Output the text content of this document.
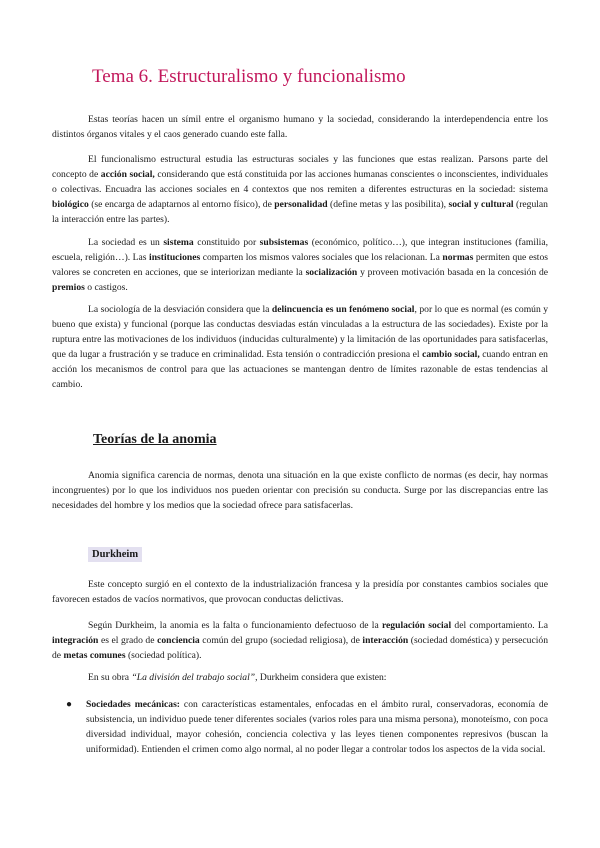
Tema 6. Estructuralismo y funcionalismo

Estas teorías hacen un símil entre el organismo humano y la sociedad, considerando la interdependencia entre los distintos órganos vitales y el caos generado cuando este falla.

El funcionalismo estructural estudia las estructuras sociales y las funciones que estas realizan. Parsons parte del concepto de acción social, considerando que está constituida por las acciones humanas conscientes o inconscientes, individuales o colectivas. Encuadra las acciones sociales en 4 contextos que nos remiten a diferentes estructuras en la sociedad: sistema biológico (se encarga de adaptarnos al entorno físico), de personalidad (define metas y las posibilita), social y cultural (regulan la interacción entre las partes).

La sociedad es un sistema constituido por subsistemas (económico, político…), que integran instituciones (familia, escuela, religión…). Las instituciones comparten los mismos valores sociales que los relacionan. La normas permiten que estos valores se concreten en acciones, que se interiorizan mediante la socialización y proveen motivación basada en la concesión de premios o castigos.

La sociología de la desviación considera que la delincuencia es un fenómeno social, por lo que es normal (es común y bueno que exista) y funcional (porque las conductas desviadas están vinculadas a la estructura de las sociedades). Existe por la ruptura entre las motivaciones de los individuos (inducidas culturalmente) y la limitación de las oportunidades para satisfacerlas, que da lugar a frustración y se traduce en criminalidad. Esta tensión o contradicción presiona el cambio social, cuando entran en acción los mecanismos de control para que las actuaciones se mantengan dentro de límites razonable de estas tendencias al cambio.

Teorías de la anomia

Anomia significa carencia de normas, denota una situación en la que existe conflicto de normas (es decir, hay normas incongruentes) por lo que los individuos nos pueden orientar con precisión su conducta. Surge por las discrepancias entre las necesidades del hombre y los medios que la sociedad ofrece para satisfacerlas.

Durkheim

Este concepto surgió en el contexto de la industrialización francesa y la presidía por constantes cambios sociales que favorecen estados de vacíos normativos, que provocan conductas delictivas.

Según Durkheim, la anomia es la falta o funcionamiento defectuoso de la regulación social del comportamiento. La integración es el grado de conciencia común del grupo (sociedad religiosa), de interacción (sociedad doméstica) y persecución de metas comunes (sociedad política).

En su obra “La división del trabajo social”, Durkheim considera que existen:

● Sociedades mecánicas: con características estamentales, enfocadas en el ámbito rural, conservadoras, economía de subsistencia, un individuo puede tener diferentes sociales (varios roles para una misma persona), monoteísmo, con poca diversidad individual, mayor cohesión, conciencia colectiva y las leyes tienen componentes represivos (buscan la uniformidad). Entienden el crimen como algo normal, al no poder llegar a controlar todos los aspectos de la vida social.
